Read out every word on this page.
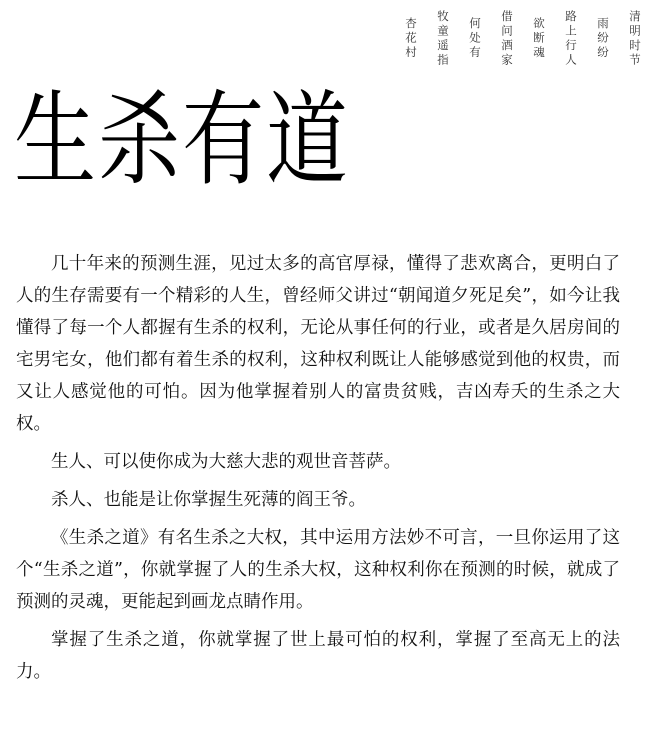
清明时节
雨纷纷
路上行人
欲断魂
借问酒家
何处有
牧童遥指
杏花村
生杀有道

几十年来的预测生涯，见过太多的高官厚禄，懂得了悲欢离合，更明白了人的生存需要有一个精彩的人生，曾经师父讲过“朝闻道夕死足矣”，如今让我懂得了每一个人都握有生杀的权利，无论从事任何的行业，或者是久居房间的宅男宅女，他们都有着生杀的权利，这种权利既让人能够感觉到他的权贵，而又让人感觉他的可怕。因为他掌握着别人的富贵贫贱，吉凶寿夭的生杀之大权。

生人、可以使你成为大慈大悲的观世音菩萨。

杀人、也能是让你掌握生死薄的阎王爷。

《生杀之道》有名生杀之大权，其中运用方法妙不可言，一旦你运用了这个“生杀之道”，你就掌握了人的生杀大权，这种权利你在预测的时候，就成了预测的灵魂，更能起到画龙点睛作用。

掌握了生杀之道，你就掌握了世上最可怕的权利，掌握了至高无上的法力。
